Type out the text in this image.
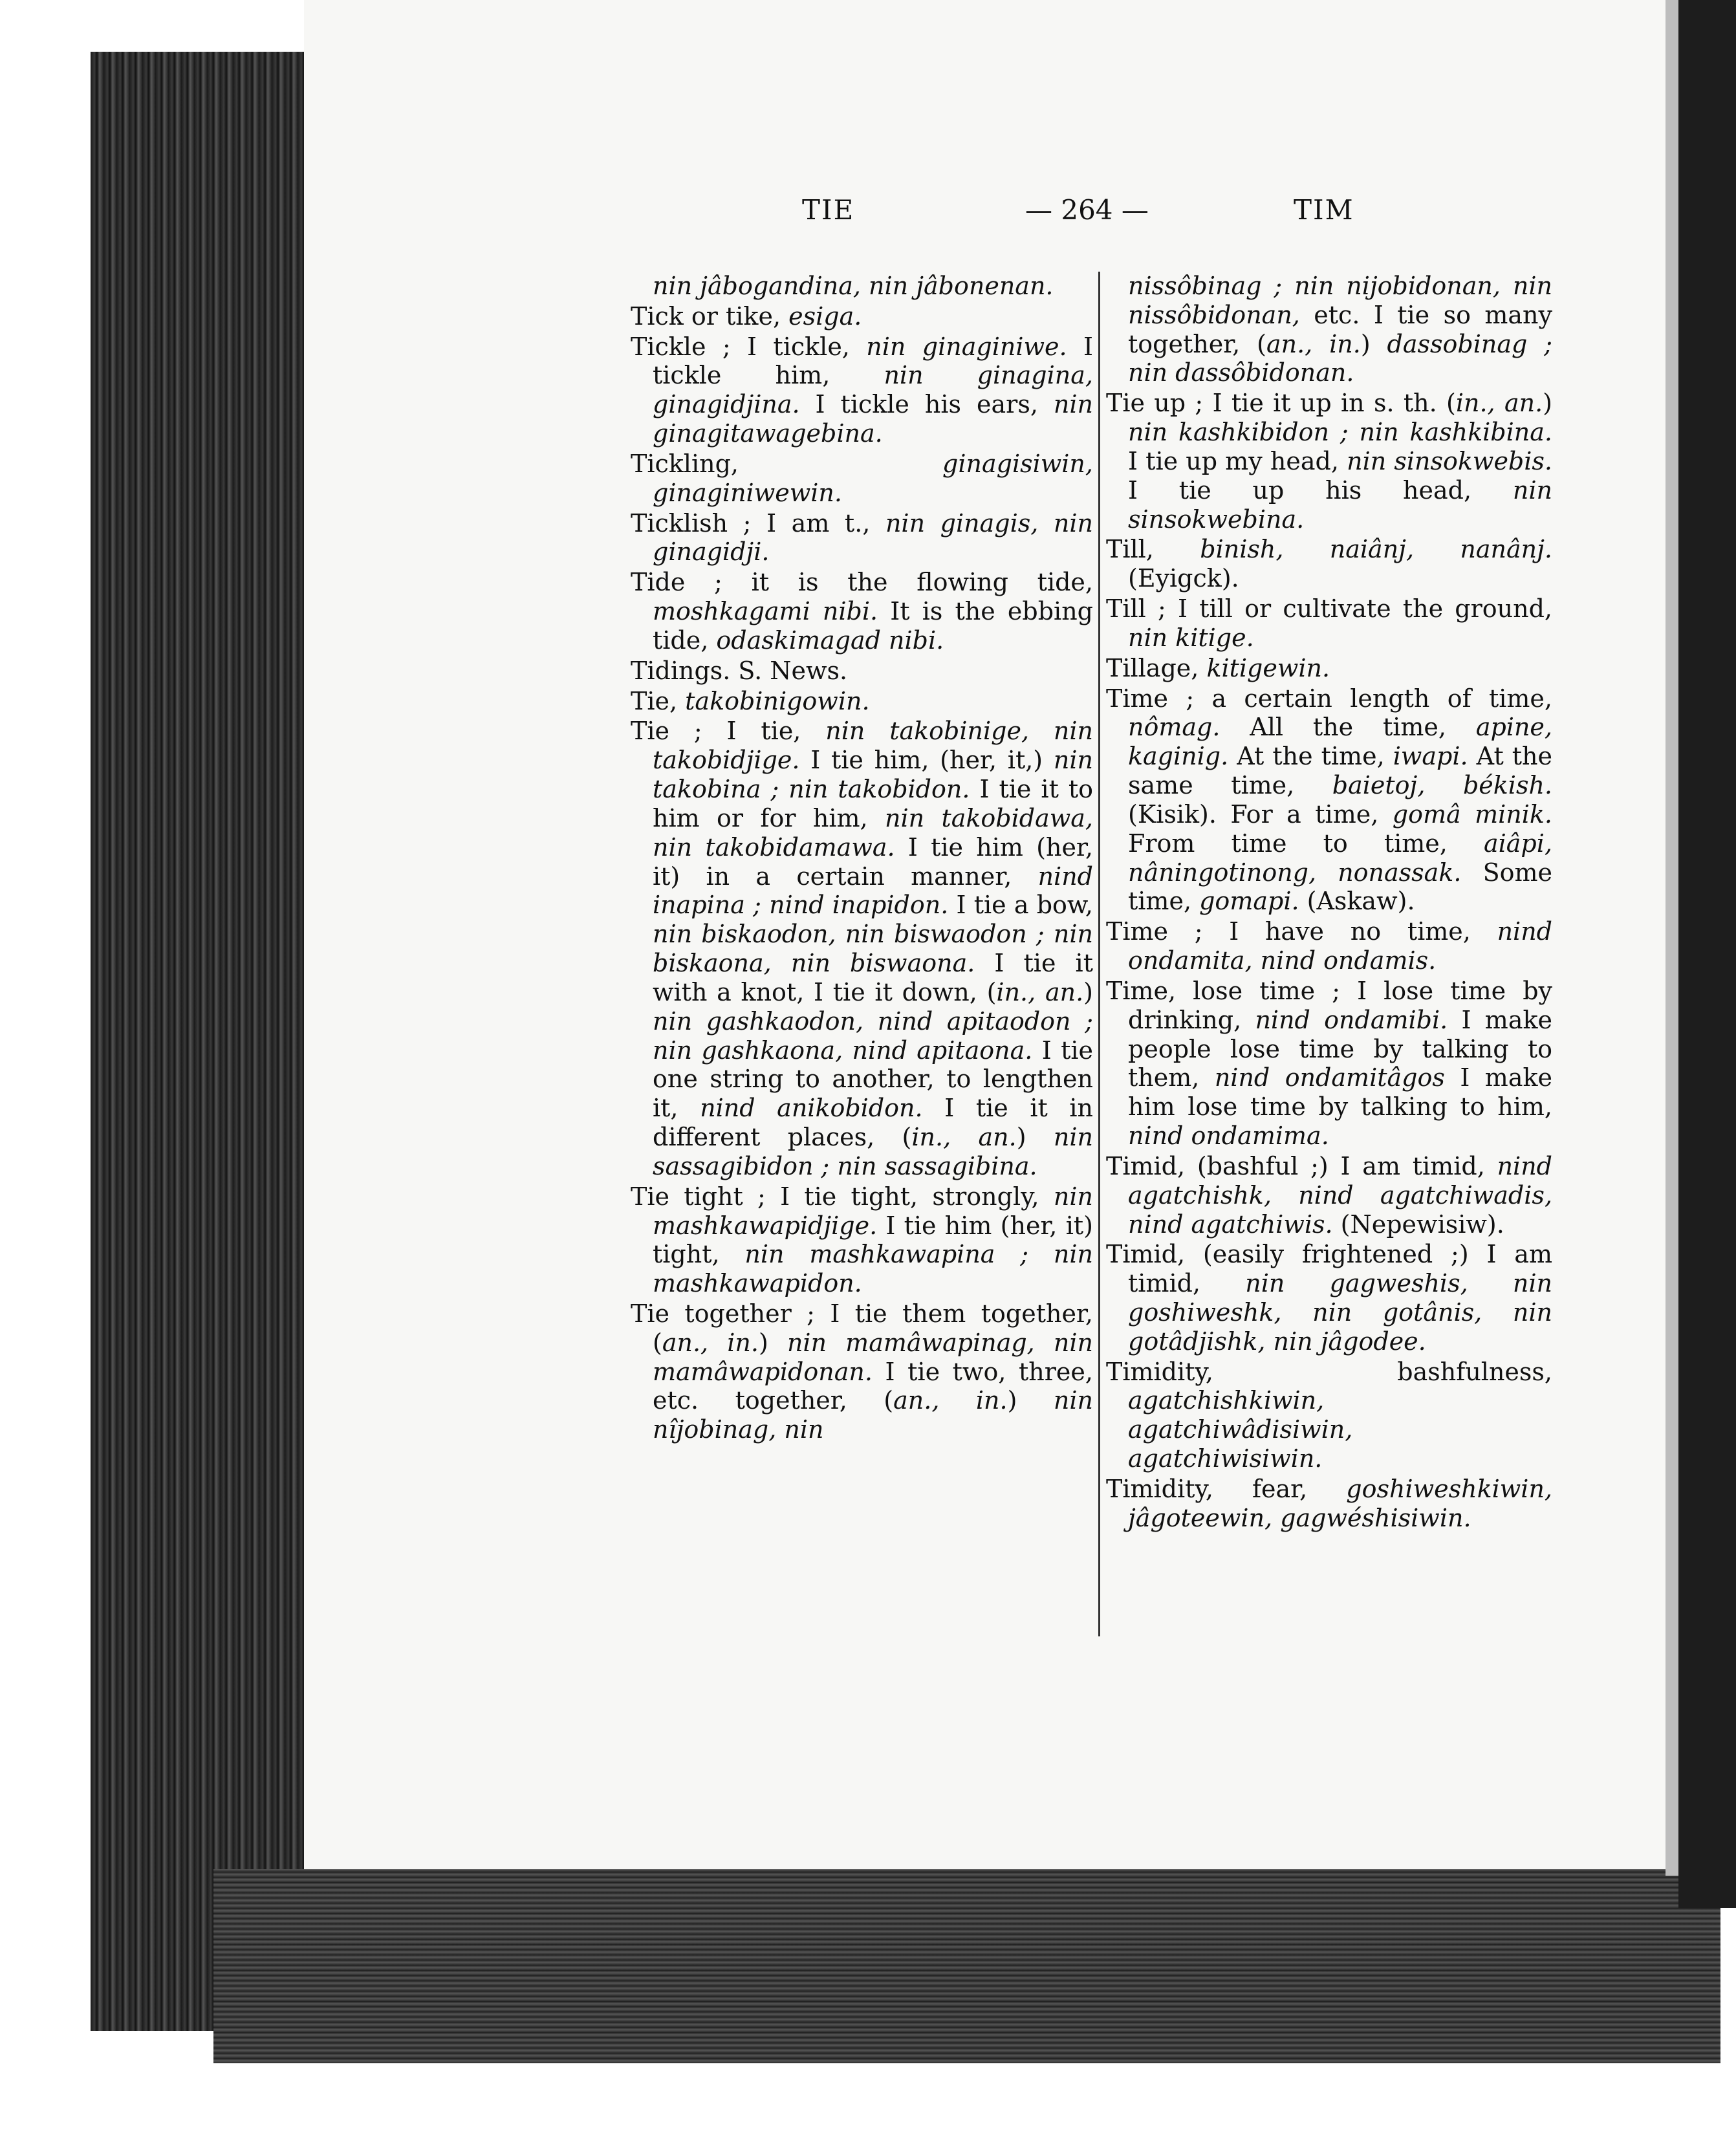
TIE	— 264 —	TIM

nin jâbogandina, nin jâbonenan.

Tick or tike, esiga.

Tickle ; I tickle, nin ginaginiwe. I tickle him, nin ginagina, ginagidjina. I tickle his ears, nin ginagitawagebina.

Tickling, ginagisiwin, ginaginiwewin.

Ticklish ; I am t., nin ginagis, nin ginagidji.

Tide ; it is the flowing tide, moshkagami nibi. It is the ebbing tide, odaskimagad nibi.

Tidings. S. News.

Tie, takobinigowin.

Tie ; I tie, nin takobinige, nin takobidjige. I tie him, (her, it,) nin takobina ; nin takobidon. I tie it to him or for him, nin takobidawa, nin takobidamawa. I tie him (her, it) in a certain manner, nind inapina ; nind inapidon. I tie a bow, nin biskaodon, nin biswaodon ; nin biskaona, nin biswaona. I tie it with a knot, I tie it down, (in., an.) nin gashkaodon, nind apitaodon ; nin gashkaona, nind apitaona. I tie one string to another, to lengthen it, nind anikobidon. I tie it in different places, (in., an.) nin sassagibidon ; nin sassagibina.

Tie tight ; I tie tight, strongly, nin mashkawapidjige. I tie him (her, it) tight, nin mashkawapina ; nin mashkawapidon.

Tie together ; I tie them together, (an., in.) nin mamâwapinag, nin mamâwapidonan. I tie two, three, etc. together, (an., in.) nin nîjobinag, nin

nissôbinag ; nin nijobidonan, nin nissôbidonan, etc. I tie so many together, (an., in.) dassobinag ; nin dassôbidonan.

Tie up ; I tie it up in s. th. (in., an.) nin kashkibidon ; nin kashkibina. I tie up my head, nin sinsokwebis. I tie up his head, nin sinsokwebina.

Till, binish, naiânj, nanânj. (Eyigck).

Till ; I till or cultivate the ground, nin kitige.

Tillage, kitigewin.

Time ; a certain length of time, nômag. All the time, apine, kaginig. At the time, iwapi. At the same time, baietoj, békish. (Kisik). For a time, gomâ minik. From time to time, aiâpi, nâningotinong, nonassak. Some time, gomapi. (Askaw).

Time ; I have no time, nind ondamita, nind ondamis.

Time, lose time ; I lose time by drinking, nind ondamibi. I make people lose time by talking to them, nind ondamitâgos I make him lose time by talking to him, nind ondamima.

Timid, (bashful ;) I am timid, nind agatchishk, nind agatchiwadis, nind agatchiwis. (Nepewisiw).

Timid, (easily frightened ;) I am timid, nin gagweshis, nin goshiweshk, nin gotânis, nin gotâdjishk, nin jâgodee.

Timidity, bashfulness, agatchishkiwin, agatchiwâdisiwin, agatchiwisiwin.

Timidity, fear, goshiweshkiwin, jâgoteewin, gagwéshisiwin.
